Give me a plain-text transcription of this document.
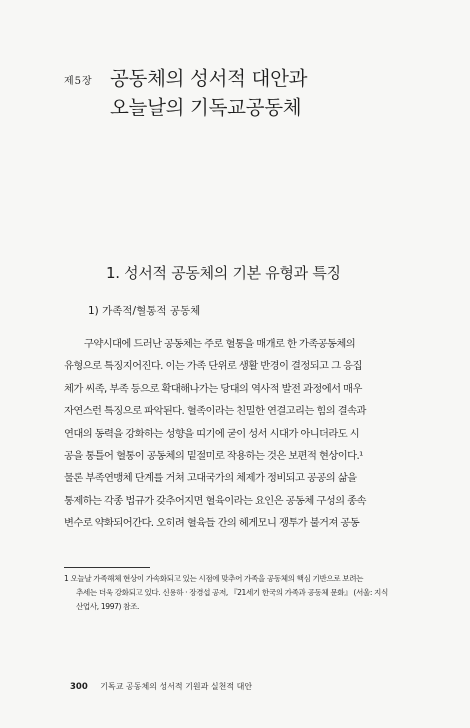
제5장 공동체의 성서적 대안과
오늘날의 기독교공동체
1. 성서적 공동체의 기본 유형과 특징
1) 가족적/혈통적 공동체
구약시대에 드러난 공동체는 주로 혈통을 매개로 한 가족공동체의
유형으로 특징지어진다. 이는 가족 단위로 생활 반경이 결정되고 그 응집
체가 씨족, 부족 등으로 확대해나가는 당대의 역사적 발전 과정에서 매우
자연스런 특징으로 파악된다. 혈족이라는 친밀한 연결고리는 힘의 결속과
연대의 동력을 강화하는 성향을 띠기에 굳이 성서 시대가 아니더라도 시
공을 통틀어 혈통이 공동체의 밑절미로 작용하는 것은 보편적 현상이다.¹
물론 부족연맹체 단계를 거쳐 고대국가의 체제가 정비되고 공공의 삶을
통제하는 각종 법규가 갖추어지면 혈육이라는 요인은 공동체 구성의 종속
변수로 약화되어간다. 오히려 혈육들 간의 헤게모니 쟁투가 불거져 공동
1 오늘날 가족해체 현상이 가속화되고 있는 시점에 맞추어 가족을 공동체의 핵심 기반으로 보려는
추세는 더욱 강화되고 있다. 신용하 · 장경섭 공저, 『21세기 한국의 가족과 공동체 문화』 (서울: 지식
산업사, 1997) 참조.
300 기독교 공동체의 성서적 기원과 실천적 대안
